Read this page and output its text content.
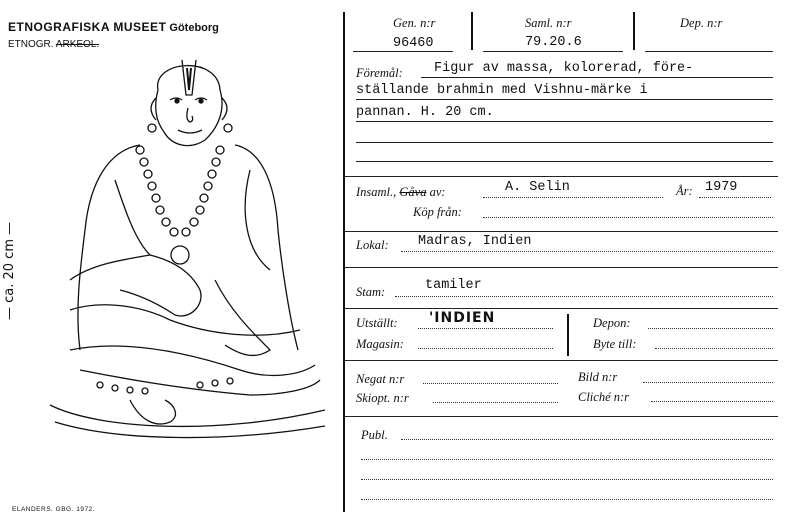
ETNOGRAFISKA MUSEET Göteborg
ETNOGR. ARKEOL.
— ca. 20 cm —
ELANDERS. GBG. 1972.
Gen. n:r	Saml. n:r	Dep. n:r
96460	79.20.6
Föremål: Figur av massa, kolorerad, före-
ställande brahmin med Vishnu-märke i
pannan. H. 20 cm.
Insaml., Gåva av:	A. Selin	År: 1979
Köp från:
Lokal: Madras, Indien
Stam:	tamiler
Utställt: 'INDIEN
Magasin:
Depon:
Byte till:
Negat n:r	Bild n:r
Skiopt. n:r	Cliché n:r
Publ.
